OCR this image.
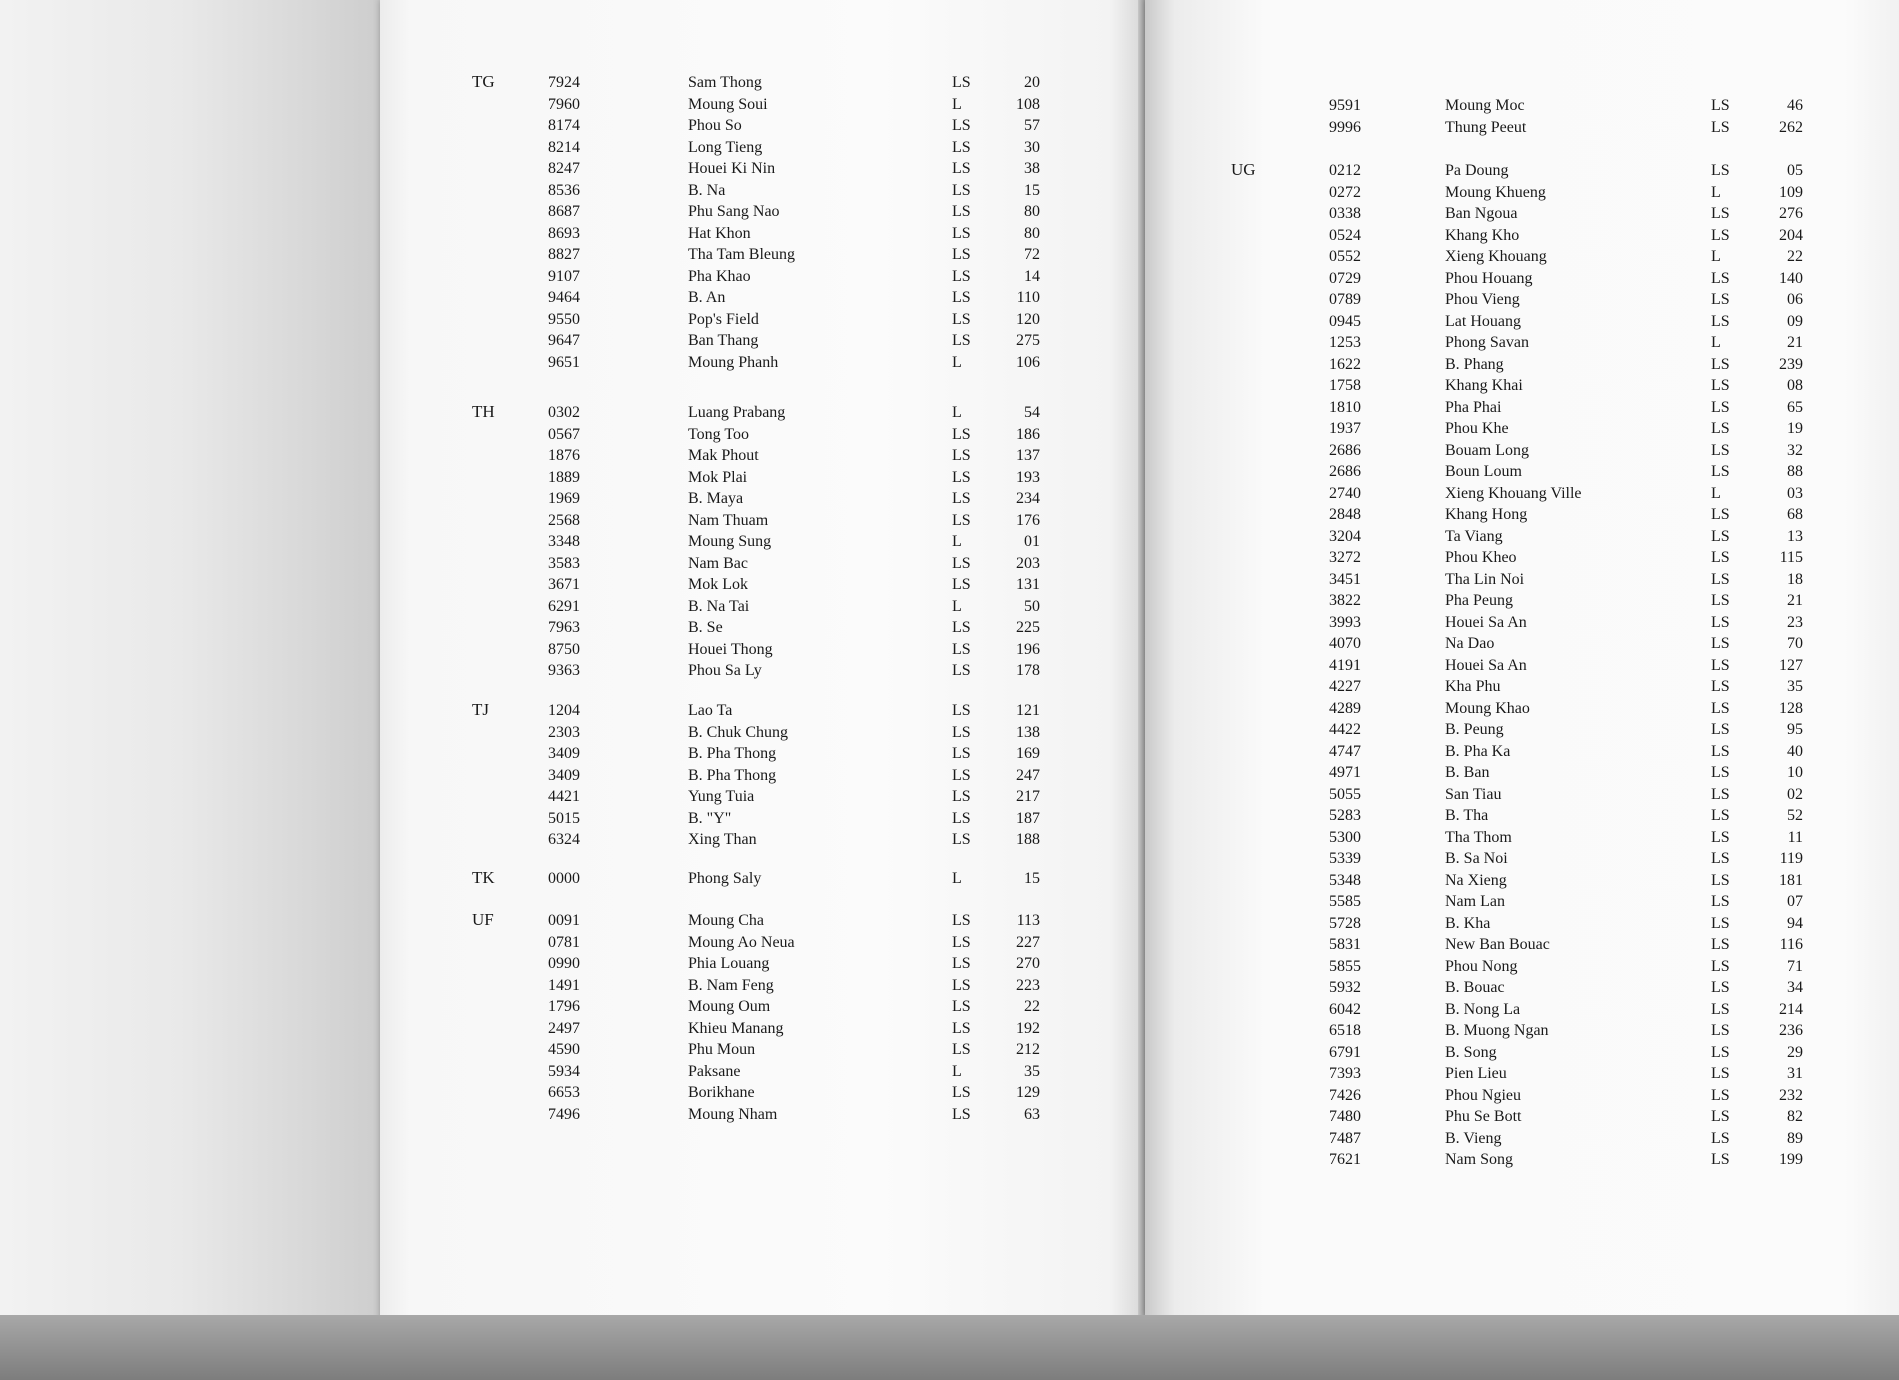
TG	7924	Sam Thong	LS	20
7960	Moung Soui	L	108
8174	Phou So	LS	57
8214	Long Tieng	LS	30
8247	Houei Ki Nin	LS	38
8536	B. Na	LS	15
8687	Phu Sang Nao	LS	80
8693	Hat Khon	LS	80
8827	Tha Tam Bleung	LS	72
9107	Pha Khao	LS	14
9464	B. An	LS	110
9550	Pop's Field	LS	120
9647	Ban Thang	LS	275
9651	Moung Phanh	L	106
TH	0302	Luang Prabang	L	54
0567	Tong Too	LS	186
1876	Mak Phout	LS	137
1889	Mok Plai	LS	193
1969	B. Maya	LS	234
2568	Nam Thuam	LS	176
3348	Moung Sung	L	01
3583	Nam Bac	LS	203
3671	Mok Lok	LS	131
6291	B. Na Tai	L	50
7963	B. Se	LS	225
8750	Houei Thong	LS	196
9363	Phou Sa Ly	LS	178
TJ	1204	Lao Ta	LS	121
2303	B. Chuk Chung	LS	138
3409	B. Pha Thong	LS	169
3409	B. Pha Thong	LS	247
4421	Yung Tuia	LS	217
5015	B. "Y"	LS	187
6324	Xing Than	LS	188
TK	0000	Phong Saly	L	15
UF	0091	Moung Cha	LS	113
0781	Moung Ao Neua	LS	227
0990	Phia Louang	LS	270
1491	B. Nam Feng	LS	223
1796	Moung Oum	LS	22
2497	Khieu Manang	LS	192
4590	Phu Moun	LS	212
5934	Paksane	L	35
6653	Borikhane	LS	129
7496	Moung Nham	LS	63
9591	Moung Moc	LS	46
9996	Thung Peeut	LS	262
UG	0212	Pa Doung	LS	05
0272	Moung Khueng	L	109
0338	Ban Ngoua	LS	276
0524	Khang Kho	LS	204
0552	Xieng Khouang	L	22
0729	Phou Houang	LS	140
0789	Phou Vieng	LS	06
0945	Lat Houang	LS	09
1253	Phong Savan	L	21
1622	B. Phang	LS	239
1758	Khang Khai	LS	08
1810	Pha Phai	LS	65
1937	Phou Khe	LS	19
2686	Bouam Long	LS	32
2686	Boun Loum	LS	88
2740	Xieng Khouang Ville	L	03
2848	Khang Hong	LS	68
3204	Ta Viang	LS	13
3272	Phou Kheo	LS	115
3451	Tha Lin Noi	LS	18
3822	Pha Peung	LS	21
3993	Houei Sa An	LS	23
4070	Na Dao	LS	70
4191	Houei Sa An	LS	127
4227	Kha Phu	LS	35
4289	Moung Khao	LS	128
4422	B. Peung	LS	95
4747	B. Pha Ka	LS	40
4971	B. Ban	LS	10
5055	San Tiau	LS	02
5283	B. Tha	LS	52
5300	Tha Thom	LS	11
5339	B. Sa Noi	LS	119
5348	Na Xieng	LS	181
5585	Nam Lan	LS	07
5728	B. Kha	LS	94
5831	New Ban Bouac	LS	116
5855	Phou Nong	LS	71
5932	B. Bouac	LS	34
6042	B. Nong La	LS	214
6518	B. Muong Ngan	LS	236
6791	B. Song	LS	29
7393	Pien Lieu	LS	31
7426	Phou Ngieu	LS	232
7480	Phu Se Bott	LS	82
7487	B. Vieng	LS	89
7621	Nam Song	LS	199
